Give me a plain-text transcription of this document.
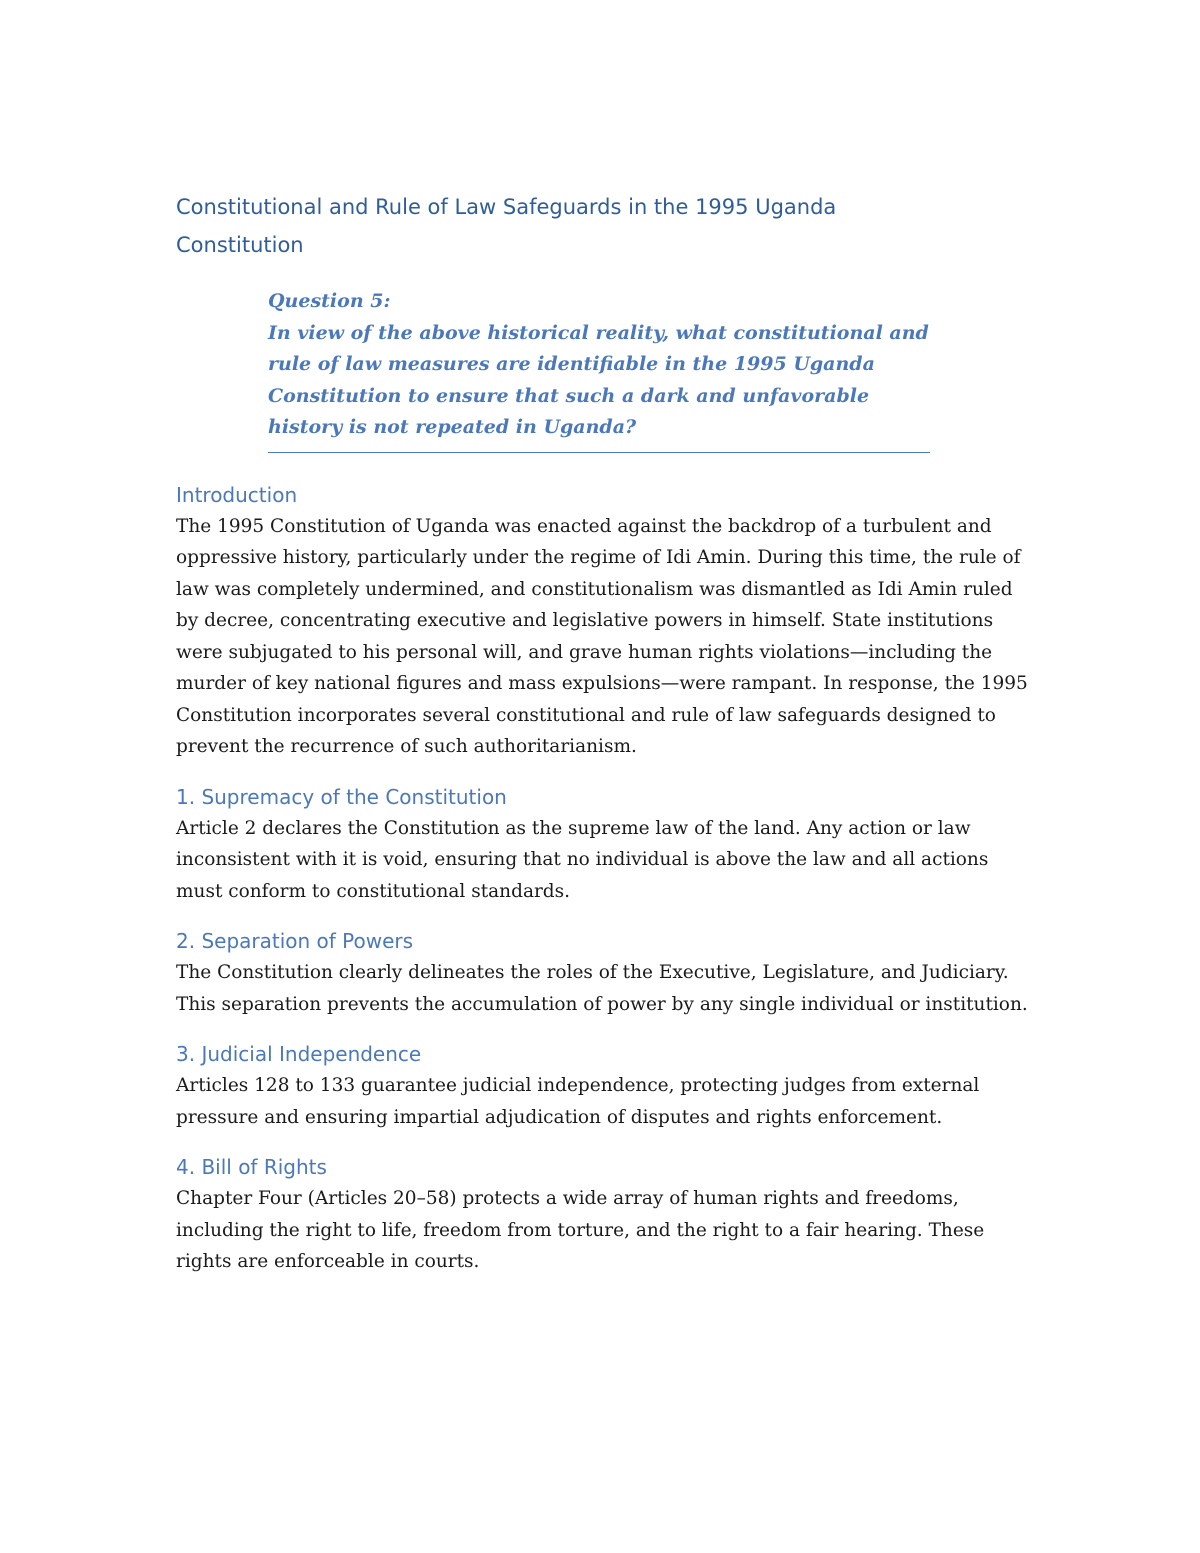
Constitutional and Rule of Law Safeguards in the 1995 Uganda Constitution

Question 5:

In view of the above historical reality, what constitutional and rule of law measures are identifiable in the 1995 Uganda Constitution to ensure that such a dark and unfavorable history is not repeated in Uganda?

Introduction

The 1995 Constitution of Uganda was enacted against the backdrop of a turbulent and oppressive history, particularly under the regime of Idi Amin. During this time, the rule of law was completely undermined, and constitutionalism was dismantled as Idi Amin ruled by decree, concentrating executive and legislative powers in himself. State institutions were subjugated to his personal will, and grave human rights violations—including the murder of key national figures and mass expulsions—were rampant. In response, the 1995 Constitution incorporates several constitutional and rule of law safeguards designed to prevent the recurrence of such authoritarianism.

1. Supremacy of the Constitution

Article 2 declares the Constitution as the supreme law of the land. Any action or law inconsistent with it is void, ensuring that no individual is above the law and all actions must conform to constitutional standards.

2. Separation of Powers

The Constitution clearly delineates the roles of the Executive, Legislature, and Judiciary. This separation prevents the accumulation of power by any single individual or institution.

3. Judicial Independence

Articles 128 to 133 guarantee judicial independence, protecting judges from external pressure and ensuring impartial adjudication of disputes and rights enforcement.

4. Bill of Rights

Chapter Four (Articles 20–58) protects a wide array of human rights and freedoms, including the right to life, freedom from torture, and the right to a fair hearing. These rights are enforceable in courts.
